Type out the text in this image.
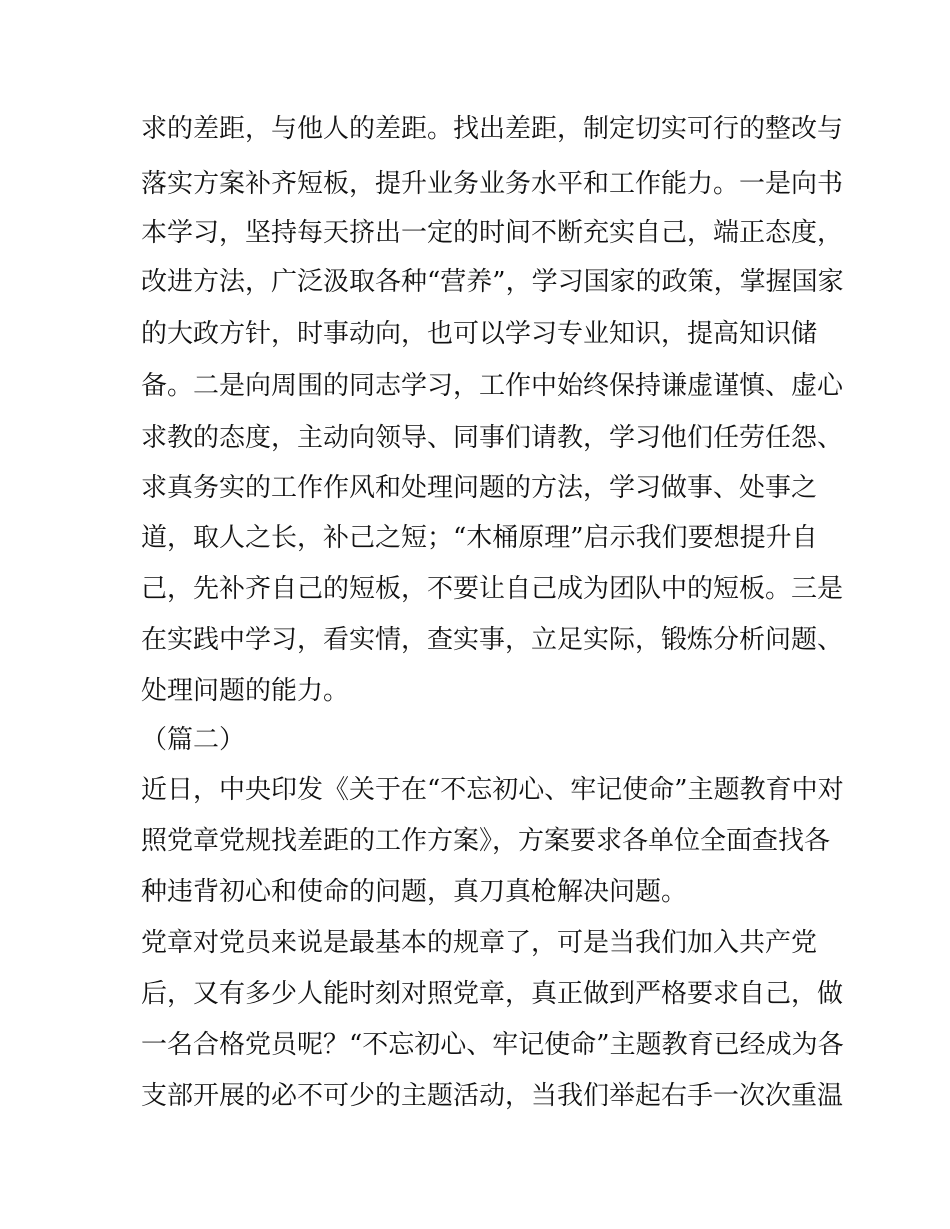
求的差距，与他人的差距。找出差距，制定切实可行的整改与
落实方案补齐短板，提升业务业务水平和工作能力。一是向书
本学习，坚持每天挤出一定的时间不断充实自己，端正态度，
改进方法，广泛汲取各种“营养”，学习国家的政策，掌握国家
的大政方针，时事动向，也可以学习专业知识，提高知识储
备。二是向周围的同志学习，工作中始终保持谦虚谨慎、虚心
求教的态度，主动向领导、同事们请教，学习他们任劳任怨、
求真务实的工作作风和处理问题的方法，学习做事、处事之
道，取人之长，补己之短；“木桶原理”启示我们要想提升自
己，先补齐自己的短板，不要让自己成为团队中的短板。三是
在实践中学习，看实情，查实事，立足实际，锻炼分析问题、
处理问题的能力。
（篇二）
近日，中央印发《关于在“不忘初心、牢记使命”主题教育中对
照党章党规找差距的工作方案》，方案要求各单位全面查找各
种违背初心和使命的问题，真刀真枪解决问题。
党章对党员来说是最基本的规章了，可是当我们加入共产党
后，又有多少人能时刻对照党章，真正做到严格要求自己，做
一名合格党员呢？“不忘初心、牢记使命”主题教育已经成为各
支部开展的必不可少的主题活动，当我们举起右手一次次重温
